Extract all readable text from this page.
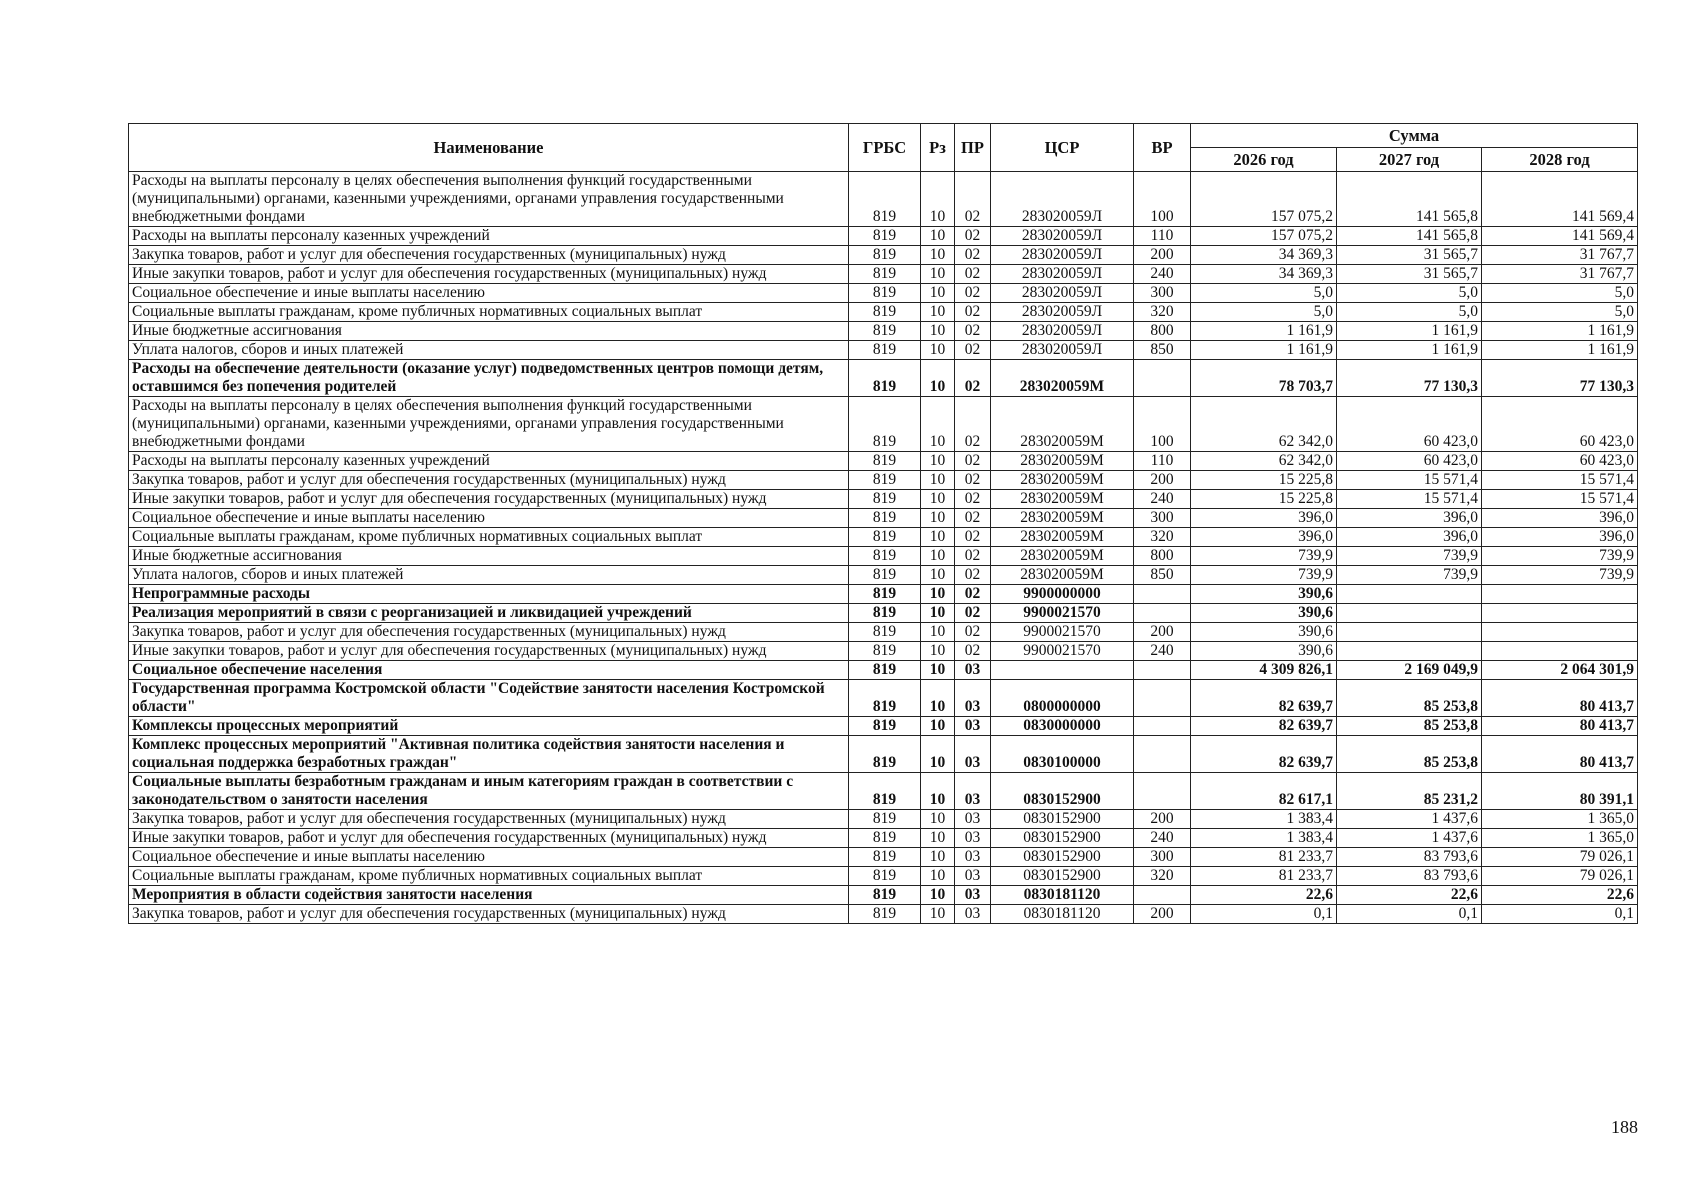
Наименование	ГРБС	Рз	ПР	ЦСР	ВР	Сумма		
						2026 год	2027 год	2028 год
Расходы на выплаты персоналу в целях обеспечения выполнения функций государственными (муниципальными) органами, казенными учреждениями, органами управления государственными внебюджетными фондами	819	10	02	283020059Л	100	157 075,2	141 565,8	141 569,4
Расходы на выплаты персоналу казенных учреждений	819	10	02	283020059Л	110	157 075,2	141 565,8	141 569,4
Закупка товаров, работ и услуг для обеспечения государственных (муниципальных) нужд	819	10	02	283020059Л	200	34 369,3	31 565,7	31 767,7
Иные закупки товаров, работ и услуг для обеспечения государственных (муниципальных) нужд	819	10	02	283020059Л	240	34 369,3	31 565,7	31 767,7
Социальное обеспечение и иные выплаты населению	819	10	02	283020059Л	300	5,0	5,0	5,0
Социальные выплаты гражданам, кроме публичных нормативных социальных выплат	819	10	02	283020059Л	320	5,0	5,0	5,0
Иные бюджетные ассигнования	819	10	02	283020059Л	800	1 161,9	1 161,9	1 161,9
Уплата налогов, сборов и иных платежей	819	10	02	283020059Л	850	1 161,9	1 161,9	1 161,9
Расходы на обеспечение деятельности (оказание услуг) подведомственных центров помощи детям, оставшимся без попечения родителей	819	10	02	283020059М		78 703,7	77 130,3	77 130,3
Расходы на выплаты персоналу в целях обеспечения выполнения функций государственными (муниципальными) органами, казенными учреждениями, органами управления государственными внебюджетными фондами	819	10	02	283020059М	100	62 342,0	60 423,0	60 423,0
Расходы на выплаты персоналу казенных учреждений	819	10	02	283020059М	110	62 342,0	60 423,0	60 423,0
Закупка товаров, работ и услуг для обеспечения государственных (муниципальных) нужд	819	10	02	283020059М	200	15 225,8	15 571,4	15 571,4
Иные закупки товаров, работ и услуг для обеспечения государственных (муниципальных) нужд	819	10	02	283020059М	240	15 225,8	15 571,4	15 571,4
Социальное обеспечение и иные выплаты населению	819	10	02	283020059М	300	396,0	396,0	396,0
Социальные выплаты гражданам, кроме публичных нормативных социальных выплат	819	10	02	283020059М	320	396,0	396,0	396,0
Иные бюджетные ассигнования	819	10	02	283020059М	800	739,9	739,9	739,9
Уплата налогов, сборов и иных платежей	819	10	02	283020059М	850	739,9	739,9	739,9
Непрограммные расходы	819	10	02	9900000000		390,6		
Реализация мероприятий в связи с реорганизацией и ликвидацией учреждений	819	10	02	9900021570		390,6		
Закупка товаров, работ и услуг для обеспечения государственных (муниципальных) нужд	819	10	02	9900021570	200	390,6		
Иные закупки товаров, работ и услуг для обеспечения государственных (муниципальных) нужд	819	10	02	9900021570	240	390,6		
Социальное обеспечение населения	819	10	03			4 309 826,1	2 169 049,9	2 064 301,9
Государственная программа Костромской области "Содействие занятости населения Костромской области"	819	10	03	0800000000		82 639,7	85 253,8	80 413,7
Комплексы процессных мероприятий	819	10	03	0830000000		82 639,7	85 253,8	80 413,7
Комплекс процессных мероприятий "Активная политика содействия занятости населения и социальная поддержка безработных граждан"	819	10	03	0830100000		82 639,7	85 253,8	80 413,7
Социальные выплаты безработным гражданам и иным категориям граждан в соответствии с законодательством о занятости населения	819	10	03	0830152900		82 617,1	85 231,2	80 391,1
Закупка товаров, работ и услуг для обеспечения государственных (муниципальных) нужд	819	10	03	0830152900	200	1 383,4	1 437,6	1 365,0
Иные закупки товаров, работ и услуг для обеспечения государственных (муниципальных) нужд	819	10	03	0830152900	240	1 383,4	1 437,6	1 365,0
Социальное обеспечение и иные выплаты населению	819	10	03	0830152900	300	81 233,7	83 793,6	79 026,1
Социальные выплаты гражданам, кроме публичных нормативных социальных выплат	819	10	03	0830152900	320	81 233,7	83 793,6	79 026,1
Мероприятия в области содействия занятости населения	819	10	03	0830181120		22,6	22,6	22,6
Закупка товаров, работ и услуг для обеспечения государственных (муниципальных) нужд	819	10	03	0830181120	200	0,1	0,1	0,1
188
